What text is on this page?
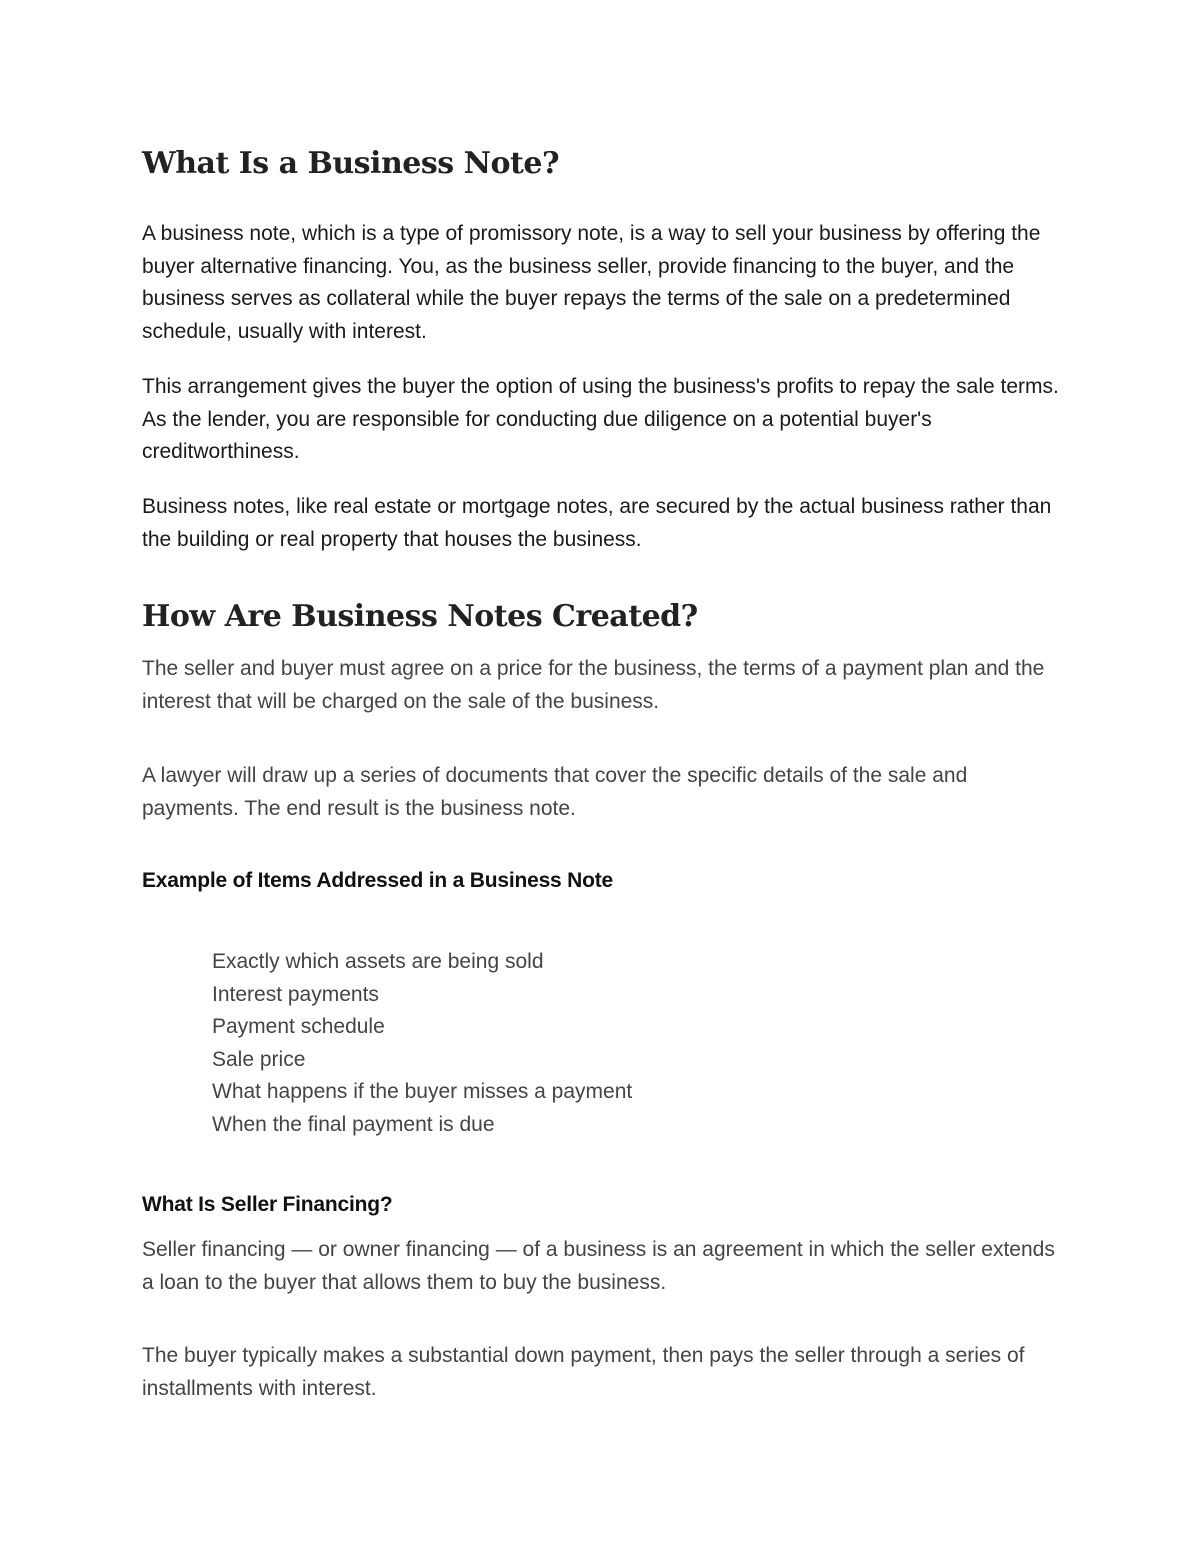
What Is a Business Note?

A business note, which is a type of promissory note, is a way to sell your business by offering the buyer alternative financing. You, as the business seller, provide financing to the buyer, and the business serves as collateral while the buyer repays the terms of the sale on a predetermined schedule, usually with interest.

This arrangement gives the buyer the option of using the business's profits to repay the sale terms. As the lender, you are responsible for conducting due diligence on a potential buyer's creditworthiness.

Business notes, like real estate or mortgage notes, are secured by the actual business rather than the building or real property that houses the business.

How Are Business Notes Created?

The seller and buyer must agree on a price for the business, the terms of a payment plan and the interest that will be charged on the sale of the business.

A lawyer will draw up a series of documents that cover the specific details of the sale and payments. The end result is the business note.

Example of Items Addressed in a Business Note
Exactly which assets are being sold
Interest payments
Payment schedule
Sale price
What happens if the buyer misses a payment
When the final payment is due
What Is Seller Financing?

Seller financing — or owner financing — of a business is an agreement in which the seller extends a loan to the buyer that allows them to buy the business.

The buyer typically makes a substantial down payment, then pays the seller through a series of installments with interest.
